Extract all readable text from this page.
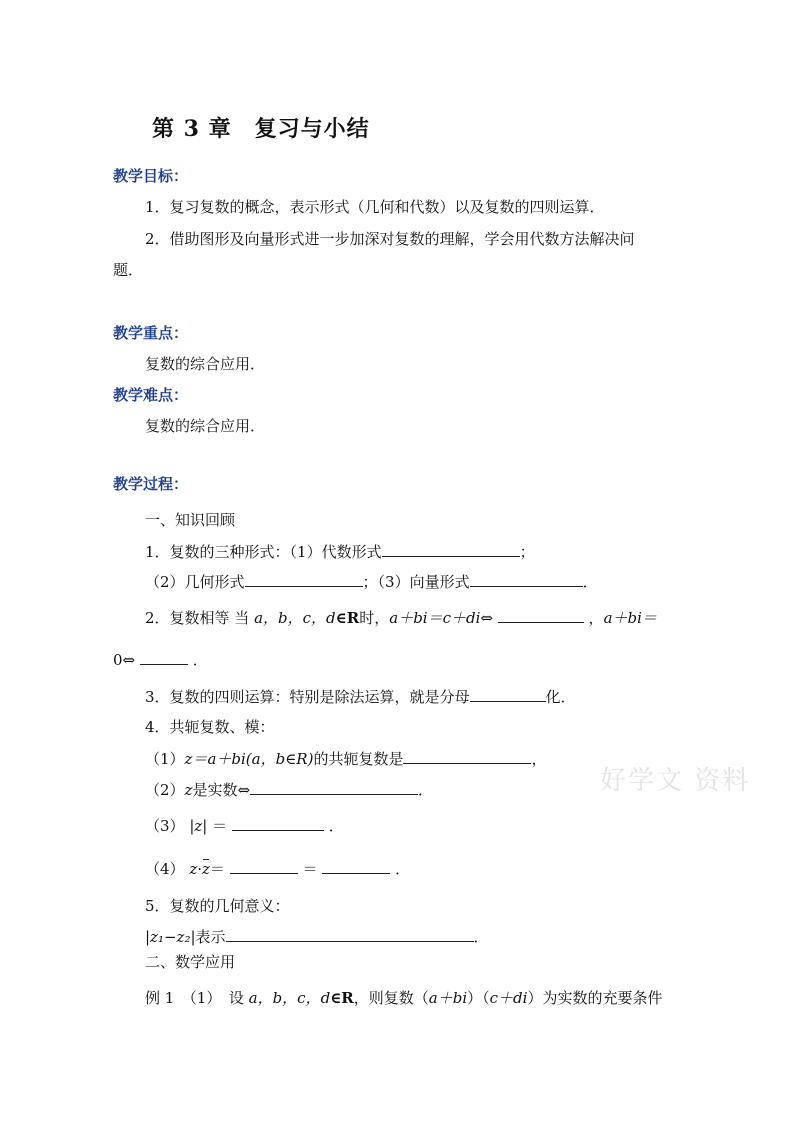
第 3 章　复习与小结
教学目标：
1．复习复数的概念，表示形式（几何和代数）以及复数的四则运算．
2．借助图形及向量形式进一步加深对复数的理解，学会用代数方法解决问
题．
教学重点：
复数的综合应用．
教学难点：
复数的综合应用．
教学过程：
一、知识回顾
1．复数的三种形式：（1）代数形式	；
（2）几何形式	；（3）向量形式	．
2．复数相等 当 a，b，c，d∈R时，a＋bi＝c＋di⇔	，a＋bi＝
0⇔	．
3．复数的四则运算：特别是除法运算，就是分母	化．
4．共轭复数、模：
（1）z＝a＋bi(a，b∈R)的共轭复数是	，
（2）z是实数⇔	．
（3） |z| ＝	．
（4） z·z＝	＝	．
5．复数的几何意义：
|z₁−z₂|表示	．
二、数学应用
例 1　（1）　设 a，b，c，d∈R，则复数（a＋bi）（c＋di）为实数的充要条件
好学文 资料
